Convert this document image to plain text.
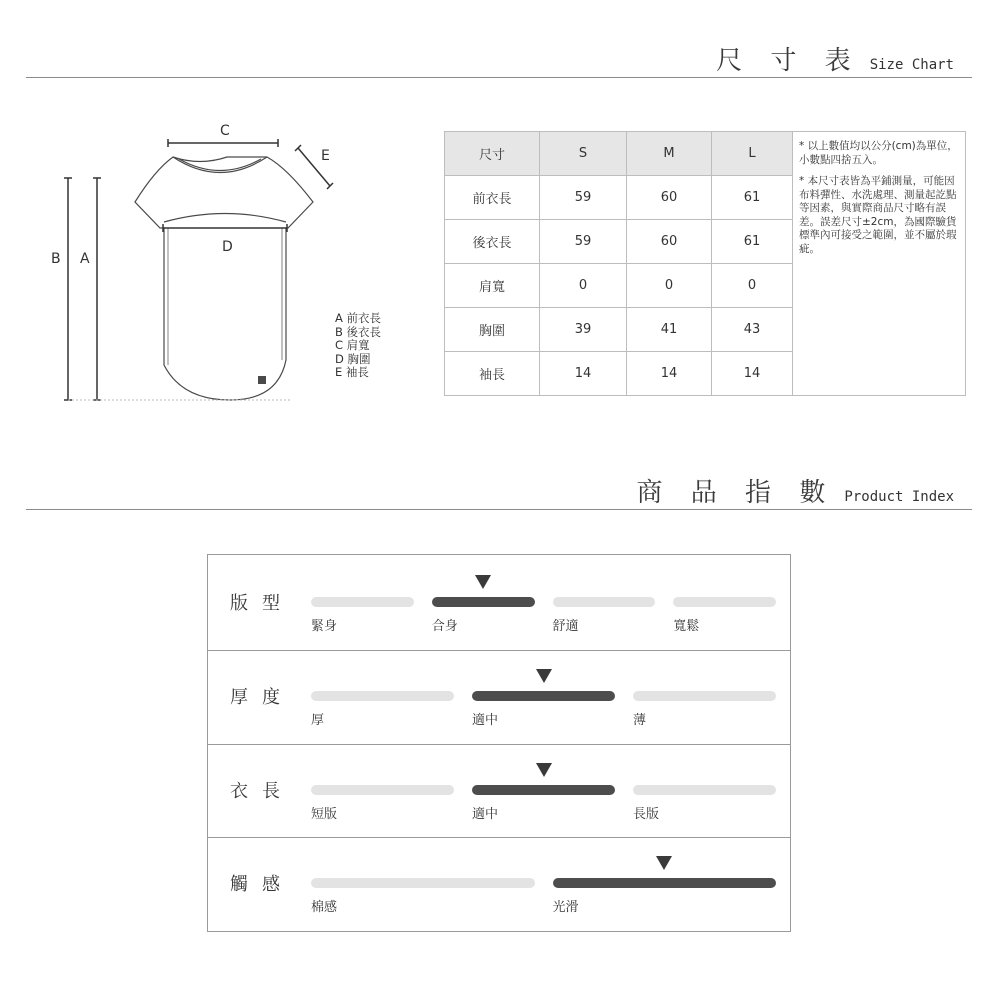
尺 寸 表 Size Chart
C
E
D
B A
A 前衣長
B 後衣長
C 肩寬
D 胸圍
E 袖長
尺寸	S	M	L	* 以上數值均以公分(cm)為單位，小數點四捨五入。

* 本尺寸表皆為平鋪測量，可能因布料彈性、水洗處理、測量起訖點等因素，與實際商品尺寸略有誤差。誤差尺寸±2cm，為國際驗貨標準內可接受之範圍，並不屬於瑕疵。

前衣長	59	60	61	
後衣長	59	60	61	
肩寬	0	0	0	
胸圍	39	41	43	
袖長	14	14	14	
商 品 指 數 Product Index
版型
緊身	合身	舒適	寬鬆
厚度
厚	適中	薄
衣長
短版	適中	長版
觸感
棉感	光滑
